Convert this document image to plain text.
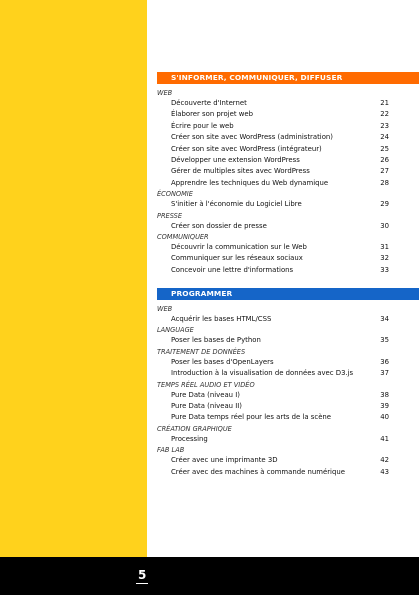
S'INFORMER, COMMUNIQUER, DIFFUSER
WEB
Découverte d'Internet	21
Élaborer son projet web	22
Écrire pour le web	23
Créer son site avec WordPress (administration)	24
Créer son site avec WordPress (intégrateur)	25
Développer une extension WordPress	26
Gérer de multiples sites avec WordPress	27
Apprendre les techniques du Web dynamique	28
ÉCONOMIE
S'initier à l'économie du Logiciel Libre	29
PRESSE
Créer son dossier de presse	30
COMMUNIQUER
Découvrir la communication sur le Web	31
Communiquer sur les réseaux sociaux	32
Concevoir une lettre d'informations	33
PROGRAMMER
WEB
Acquérir les bases HTML/CSS	34
LANGUAGE
Poser les bases de Python	35
TRAITEMENT DE DONNÉES
Poser les bases d'OpenLayers	36
Introduction à la visualisation de données avec D3.js	37
TEMPS RÉEL AUDIO ET VIDÉO
Pure Data (niveau I)	38
Pure Data (niveau II)	39
Pure Data temps réel pour les arts de la scène	40
CRÉATION GRAPHIQUE
Processing	41
FAB LAB
Créer avec une imprimante 3D	42
Créer avec des machines à commande numérique	43
5
